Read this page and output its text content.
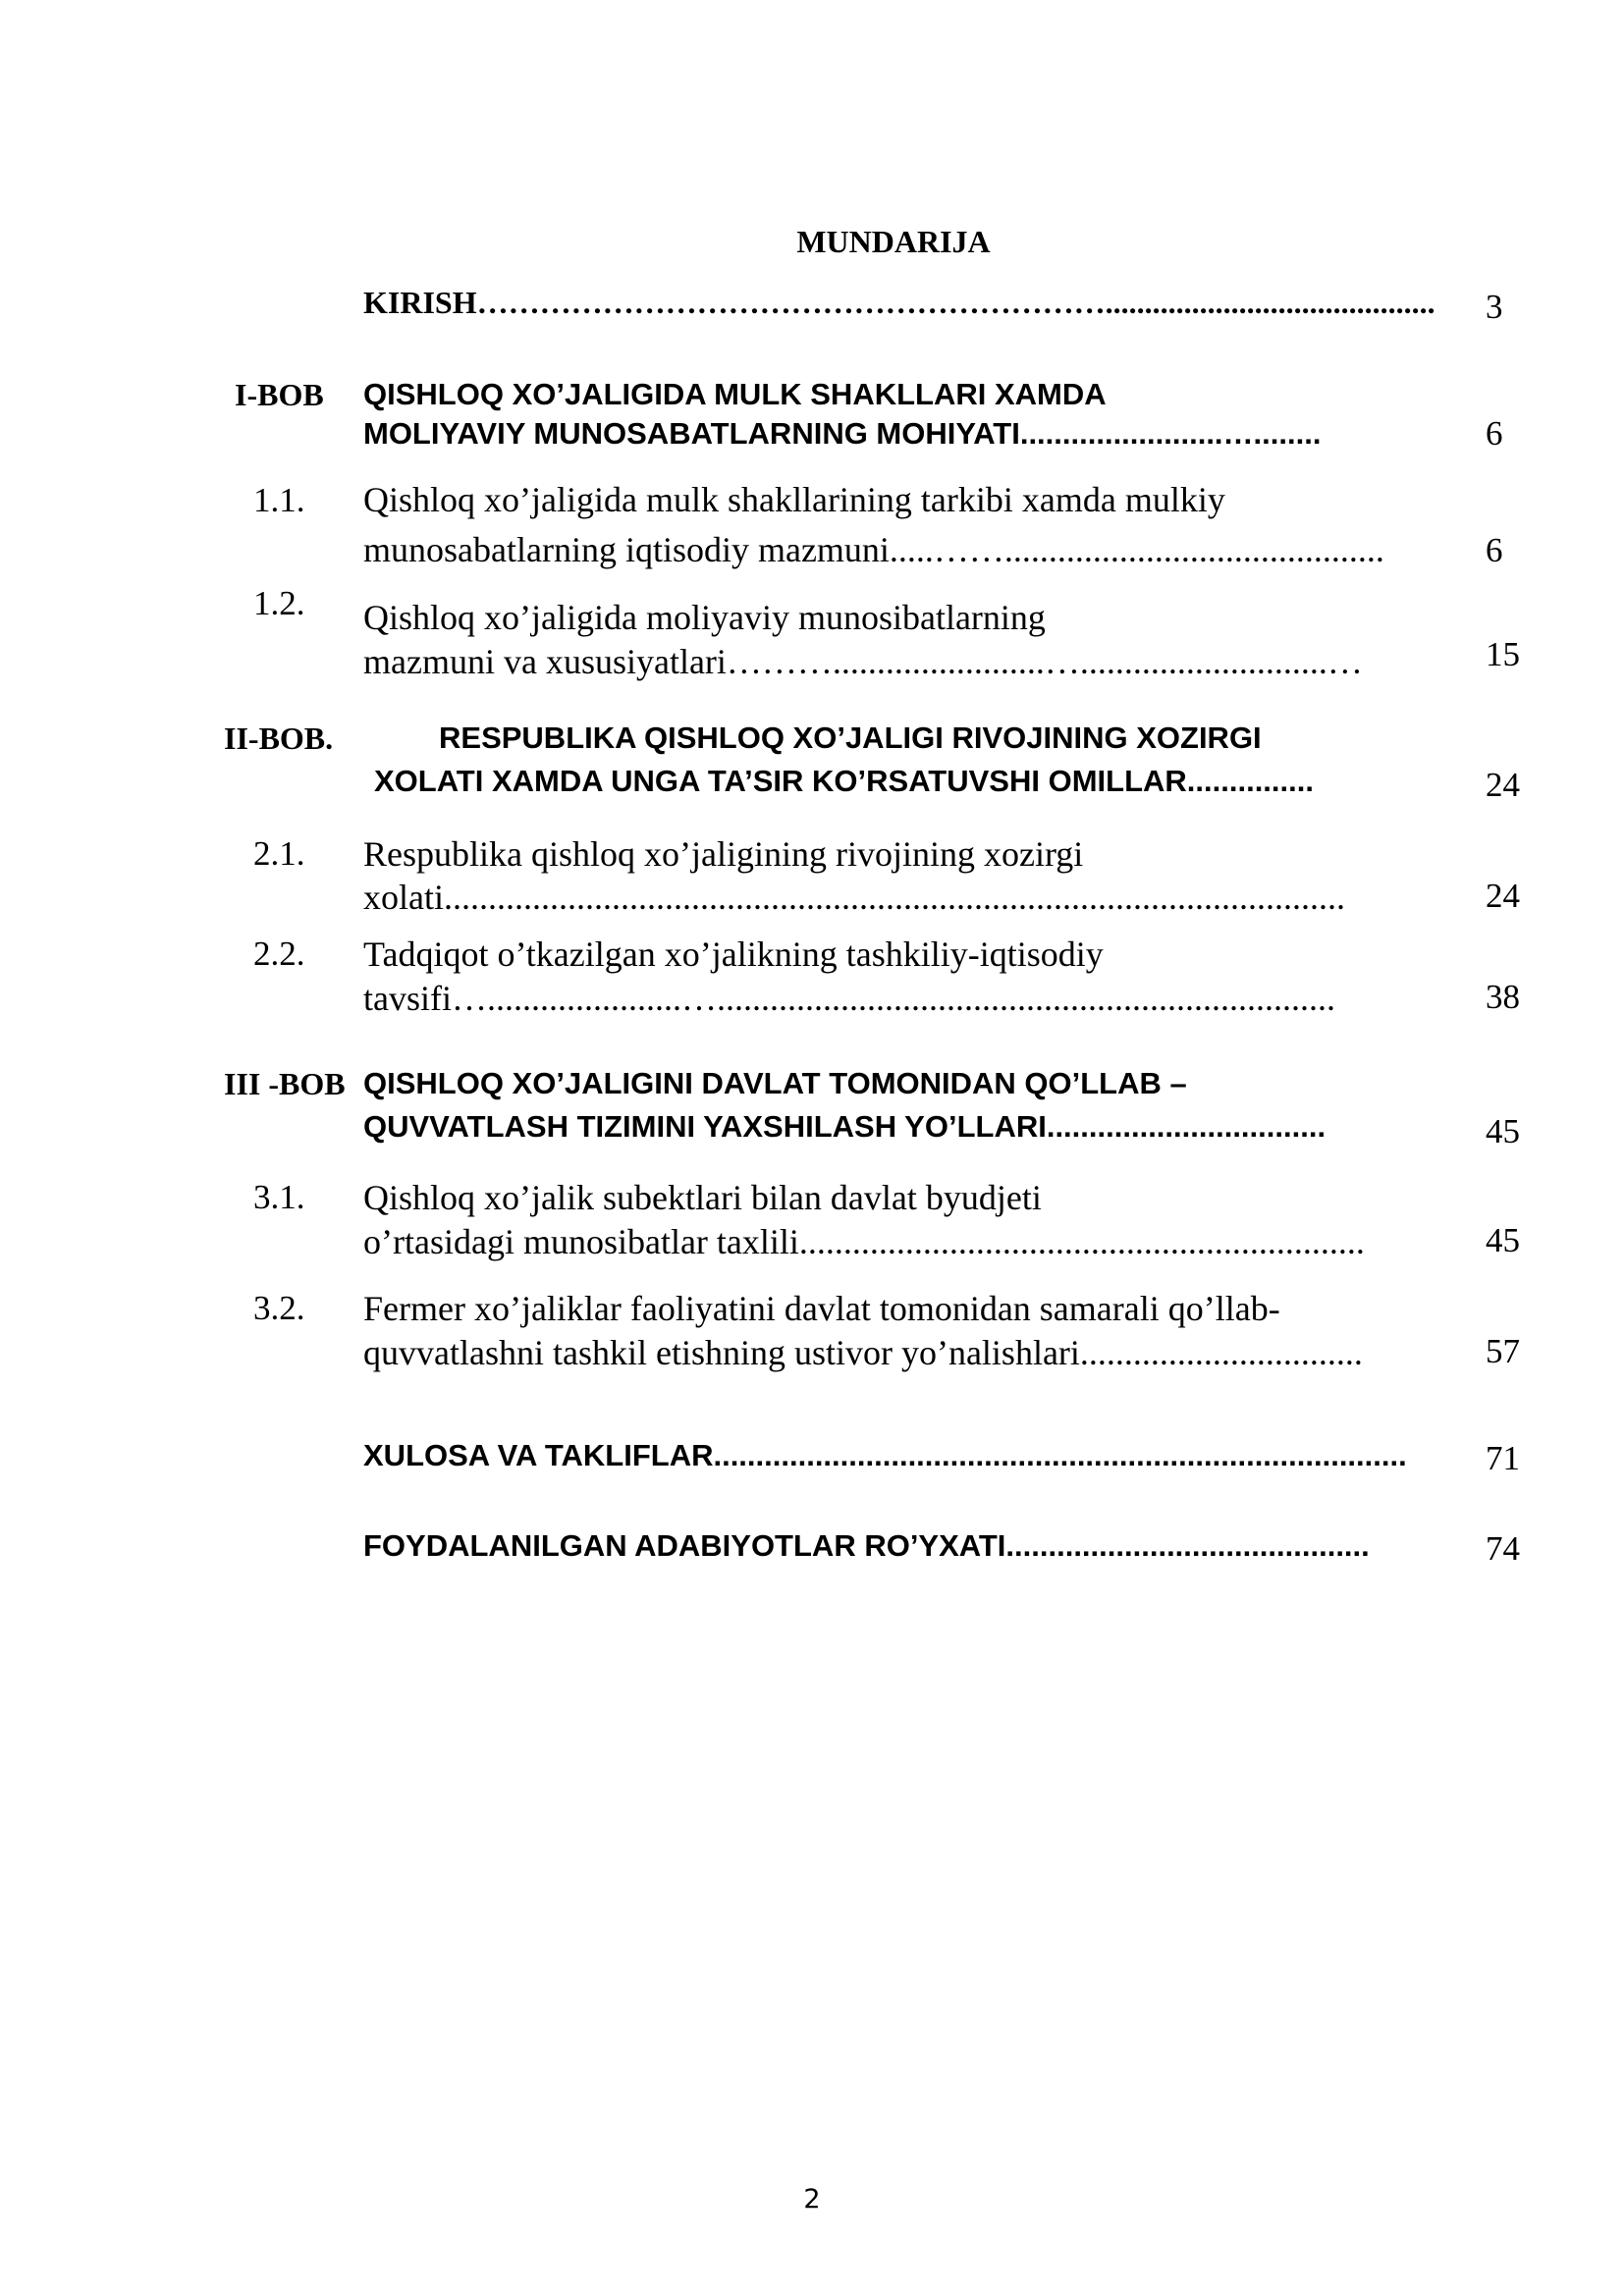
MUNDARIJA
KIRISH…………………………………………………….......................................... 3
I-BOB QISHLOQ XO’JALIGIDA MULK SHAKLLARI XAMDA
MOLIYAVIY MUNOSABATLARNING MOHIYATI........................…........	6
1.1. Qishloq xo’jaligida mulk shakllarining tarkibi xamda mulkiy
munosabatlarning iqtisodiy mazmuni.....……...........................................	6
1.2. Qishloq xo’jaligida moliyaviy munosibatlarning
mazmuni va xususiyatlari………........................…............................…	15
II-BOB.	RESPUBLIKA QISHLOQ XO’JALIGI RIVOJINING XOZIRGI
XOLATI XAMDA UNGA TA’SIR KO’RSATUVSHI OMILLAR...............	24
2.1. Respublika qishloq xo’jaligining rivojining xozirgi
xolati......................................................................................................	24
2.2. Tadqiqot o’tkazilgan xo’jalikning tashkiliy-iqtisodiy
tavsifi…......................…......................................................................	38
III -BOB QISHLOQ XO’JALIGINI DAVLAT TOMONIDAN QO’LLAB –
QUVVATLASH TIZIMINI YAXSHILASH YO’LLARI.................................	45
3.1. Qishloq xo’jalik subektlari bilan davlat byudjeti
o’rtasidagi munosibatlar taxlili................................................................	45
3.2. Fermer xo’jaliklar faoliyatini davlat tomonidan samarali qo’llab-
quvvatlashni tashkil etishning ustivor yo’nalishlari................................	57
XULOSA VA TAKLIFLAR.................................................................................. 71
FOYDALANILGAN ADABIYOTLAR RO’YXATI...........................................	74
2
